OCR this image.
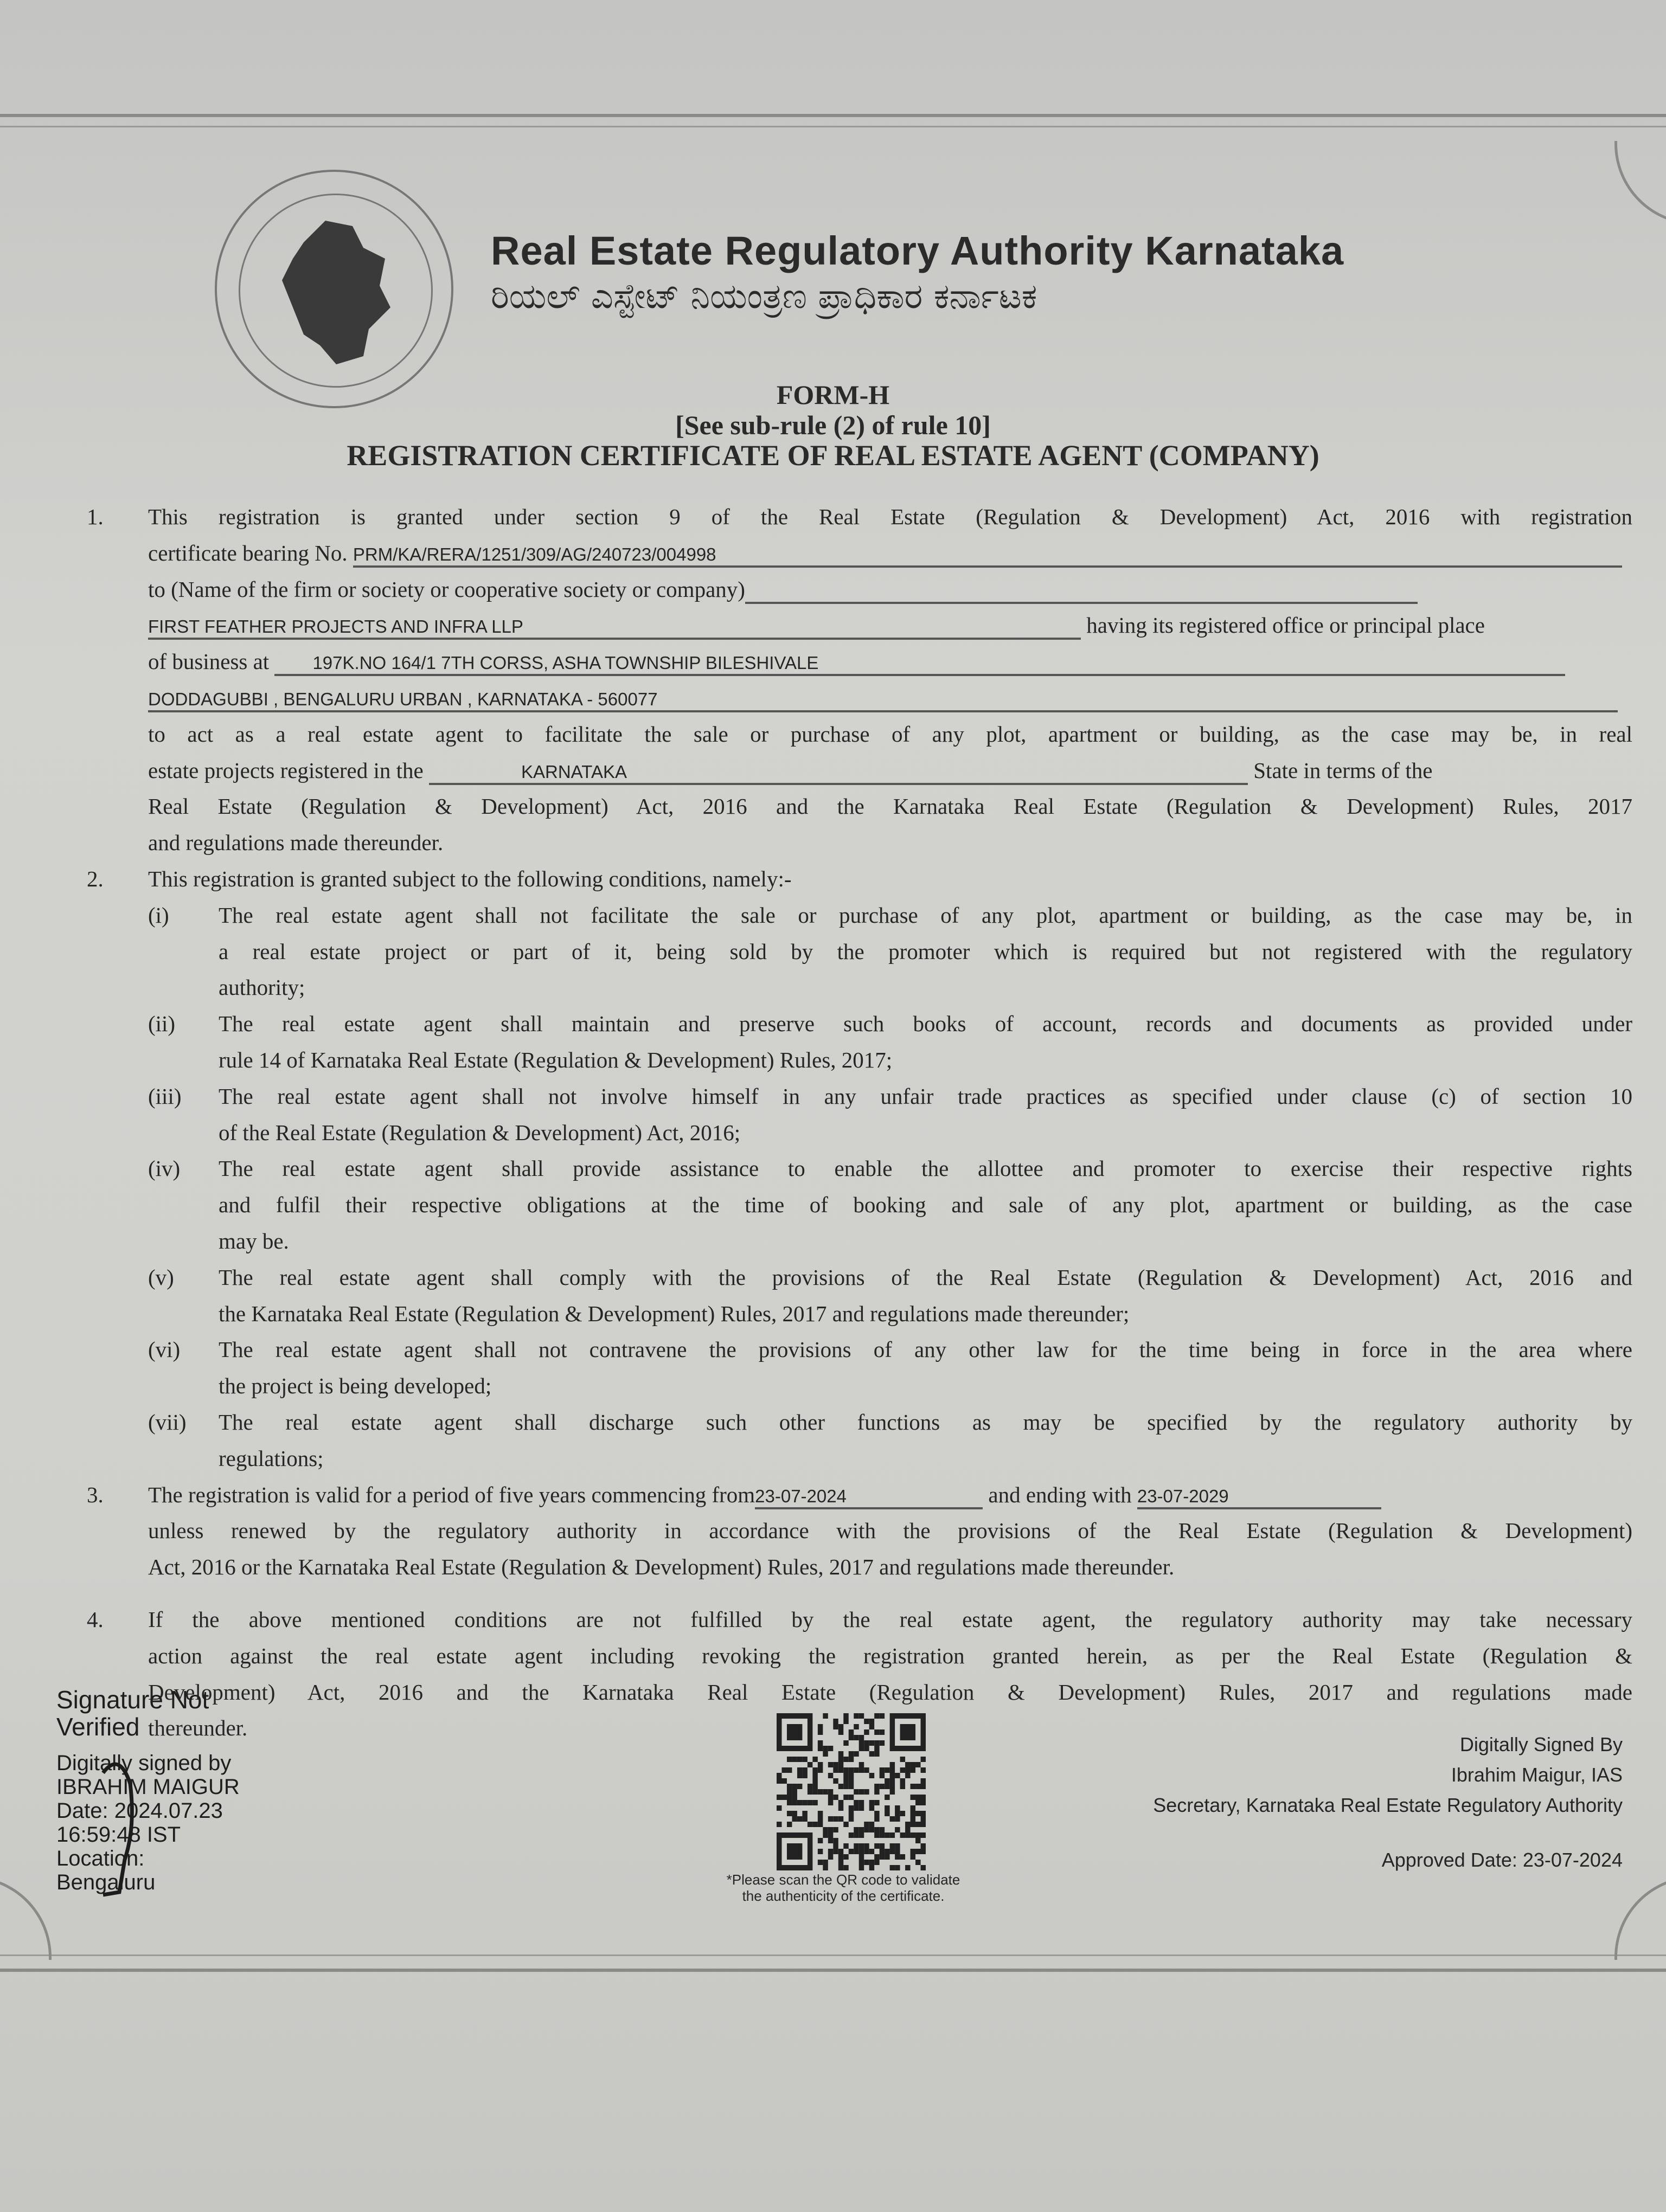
Real Estate Regulatory Authority Karnataka
ರಿಯಲ್ ಎಸ್ಟೇಟ್ ನಿಯಂತ್ರಣ ಪ್ರಾಧಿಕಾರ ಕರ್ನಾಟಕ
FORM-H
[See sub-rule (2) of rule 10]
REGISTRATION CERTIFICATE OF REAL ESTATE AGENT (COMPANY)
1. This registration is granted under section 9 of the Real Estate (Regulation & Development) Act, 2016 with registration
certificate bearing No. PRM/KA/RERA/1251/309/AG/240723/004998
to (Name of the firm or society or cooperative society or company)
FIRST FEATHER PROJECTS AND INFRA LLP	having its registered office or principal place
of business at 197K.NO 164/1 7TH CORSS, ASHA TOWNSHIP BILESHIVALE
DODDAGUBBI , BENGALURU URBAN , KARNATAKA - 560077
to act as a real estate agent to facilitate the sale or purchase of any plot, apartment or building, as the case may be, in real
estate projects registered in the	KARNATAKA	State in terms of the
Real Estate (Regulation & Development) Act, 2016 and the Karnataka Real Estate (Regulation & Development) Rules, 2017
and regulations made thereunder.
2. This registration is granted subject to the following conditions, namely:-
(i) The real estate agent shall not facilitate the sale or purchase of any plot, apartment or building, as the case may be, in
a real estate project or part of it, being sold by the promoter which is required but not registered with the regulatory
authority;
(ii) The real estate agent shall maintain and preserve such books of account, records and documents as provided under
rule 14 of Karnataka Real Estate (Regulation & Development) Rules, 2017;
(iii) The real estate agent shall not involve himself in any unfair trade practices as specified under clause (c) of section 10
of the Real Estate (Regulation & Development) Act, 2016;
(iv) The real estate agent shall provide assistance to enable the allottee and promoter to exercise their respective rights
and fulfil their respective obligations at the time of booking and sale of any plot, apartment or building, as the case
may be.
(v) The real estate agent shall comply with the provisions of the Real Estate (Regulation & Development) Act, 2016 and
the Karnataka Real Estate (Regulation & Development) Rules, 2017 and regulations made thereunder;
(vi) The real estate agent shall not contravene the provisions of any other law for the time being in force in the area where
the project is being developed;
(vii) The real estate agent shall discharge such other functions as may be specified by the regulatory authority by
regulations;
3. The registration is valid for a period of five years commencing from23-07-2024	and ending with 23-07-2029
unless renewed by the regulatory authority in accordance with the provisions of the Real Estate (Regulation & Development)
Act, 2016 or the Karnataka Real Estate (Regulation & Development) Rules, 2017 and regulations made thereunder.
4. If the above mentioned conditions are not fulfilled by the real estate agent, the regulatory authority may take necessary
action against the real estate agent including revoking the registration granted herein, as per the Real Estate (Regulation &
Development) Act, 2016 and the Karnataka Real Estate (Regulation & Development) Rules, 2017 and regulations made
thereunder.
Signature Not Verified
Digitally signed by
IBRAHIM MAIGUR
Date: 2024.07.23
16:59:48 IST
Location:
Bengaluru	*Please scan the QR code to validate
the authenticity of the certificate.
Digitally Signed By
Ibrahim Maigur, IAS
Secretary, Karnataka Real Estate Regulatory Authority
Approved Date: 23-07-2024
